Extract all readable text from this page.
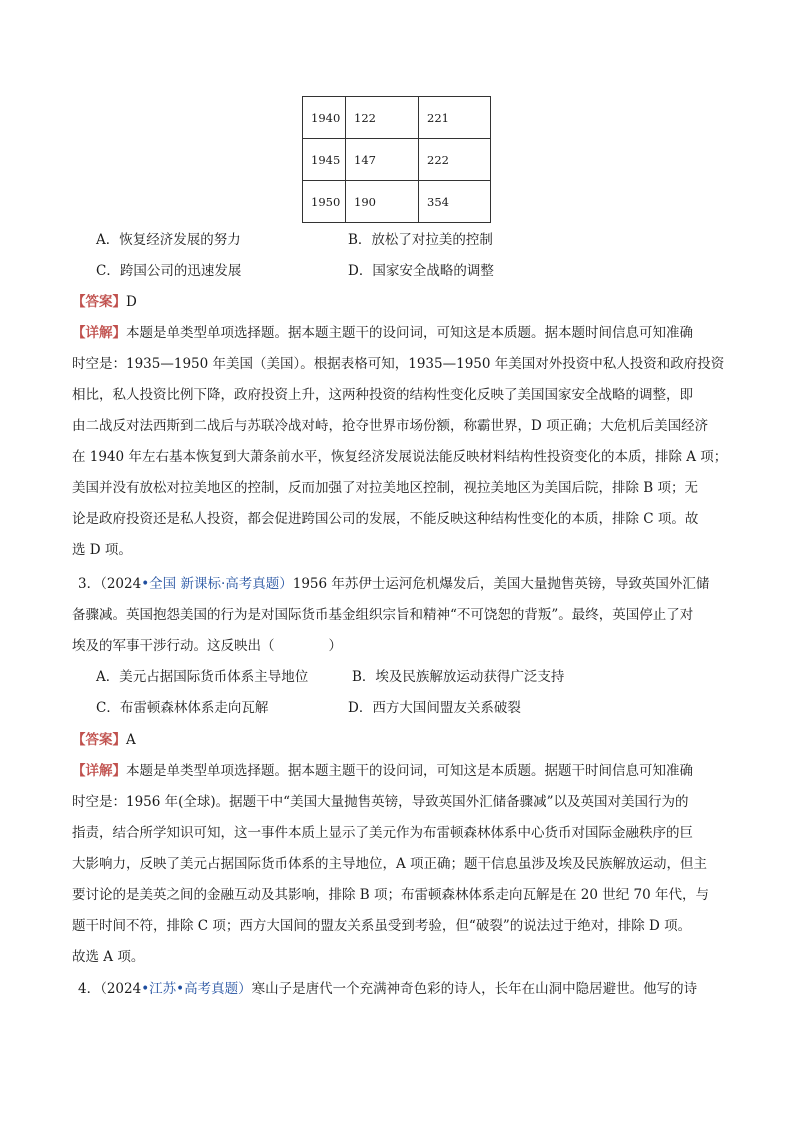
1940	122	221
1945	147	222
1950	190	354
A．恢复经济发展的努力	B．放松了对拉美的控制
C．跨国公司的迅速发展	D．国家安全战略的调整
【答案】D
【详解】本题是单类型单项选择题。据本题主题干的设问词，可知这是本质题。据本题时间信息可知准确
时空是：1935—1950 年美国（美国）。根据表格可知，1935—1950 年美国对外投资中私人投资和政府投资
相比，私人投资比例下降，政府投资上升，这两种投资的结构性变化反映了美国国家安全战略的调整，即
由二战反对法西斯到二战后与苏联冷战对峙，抢夺世界市场份额，称霸世界，D 项正确；大危机后美国经济
在 1940 年左右基本恢复到大萧条前水平，恢复经济发展说法能反映材料结构性投资变化的本质，排除 A 项；
美国并没有放松对拉美地区的控制，反而加强了对拉美地区控制，视拉美地区为美国后院，排除 B 项；无
论是政府投资还是私人投资，都会促进跨国公司的发展，不能反映这种结构性变化的本质，排除 C 项。故
选 D 项。
3．（2024•全国 新课标·高考真题）1956 年苏伊士运河危机爆发后，美国大量抛售英镑，导致英国外汇储
备骤减。英国抱怨美国的行为是对国际货币基金组织宗旨和精神“不可饶恕的背叛”。最终，英国停止了对
埃及的军事干涉行动。这反映出（　　　　）
A．美元占据国际货币体系主导地位	B．埃及民族解放运动获得广泛支持
C．布雷顿森林体系走向瓦解	D．西方大国间盟友关系破裂
【答案】A
【详解】本题是单类型单项选择题。据本题主题干的设问词，可知这是本质题。据题干时间信息可知准确
时空是：1956 年(全球)。据题干中“美国大量抛售英镑，导致英国外汇储备骤减”以及英国对美国行为的
指责，结合所学知识可知，这一事件本质上显示了美元作为布雷顿森林体系中心货币对国际金融秩序的巨
大影响力，反映了美元占据国际货币体系的主导地位，A 项正确；题干信息虽涉及埃及民族解放运动，但主
要讨论的是美英之间的金融互动及其影响，排除 B 项；布雷顿森林体系走向瓦解是在 20 世纪 70 年代，与
题干时间不符，排除 C 项；西方大国间的盟友关系虽受到考验，但“破裂”的说法过于绝对，排除 D 项。
故选 A 项。
4．（2024•江苏•高考真题）寒山子是唐代一个充满神奇色彩的诗人，长年在山洞中隐居避世。他写的诗
